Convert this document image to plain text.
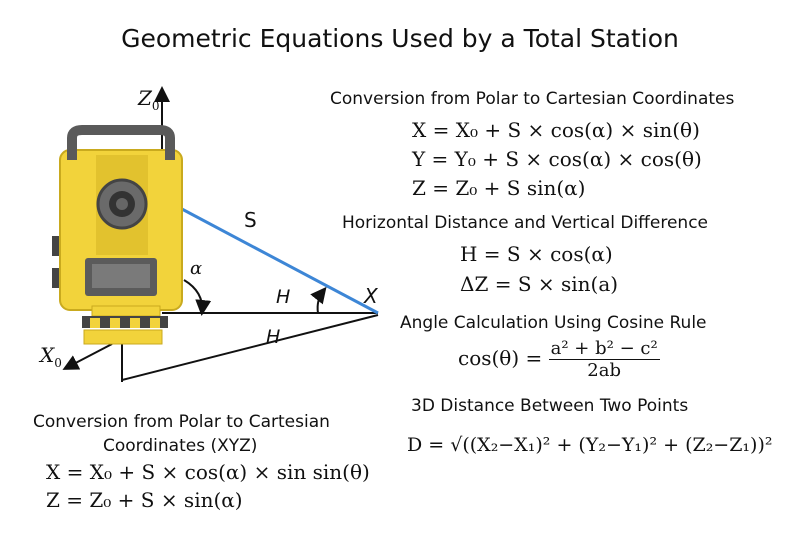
Geometric Equations Used by a Total Station
$Z_0$
$X_0$
S
α
H
H
X
Conversion from Polar to Cartesian Coordinates
X = X₀ + S × cos(α) × sin(θ)
Y = Y₀ + S × cos(α) × cos(θ)
Z = Z₀ + S sin(α)
Horizontal Distance and Vertical Difference
H = S × cos(α)
ΔZ = S × sin(a)
Angle Calculation Using Cosine Rule
$\cos(\theta) = \frac{\text{a² + b² − c²}}{2ab}$
3D Distance Between Two Points
D = √((X₂−X₁)² + (Y₂−Y₁)² + (Z₂−Z₁))²
Conversion from Polar to Cartesian
Coordinates (XYZ)
X = X₀ + S × cos(α) × sin sin(θ)
Z = Z₀ + S × sin(α)
